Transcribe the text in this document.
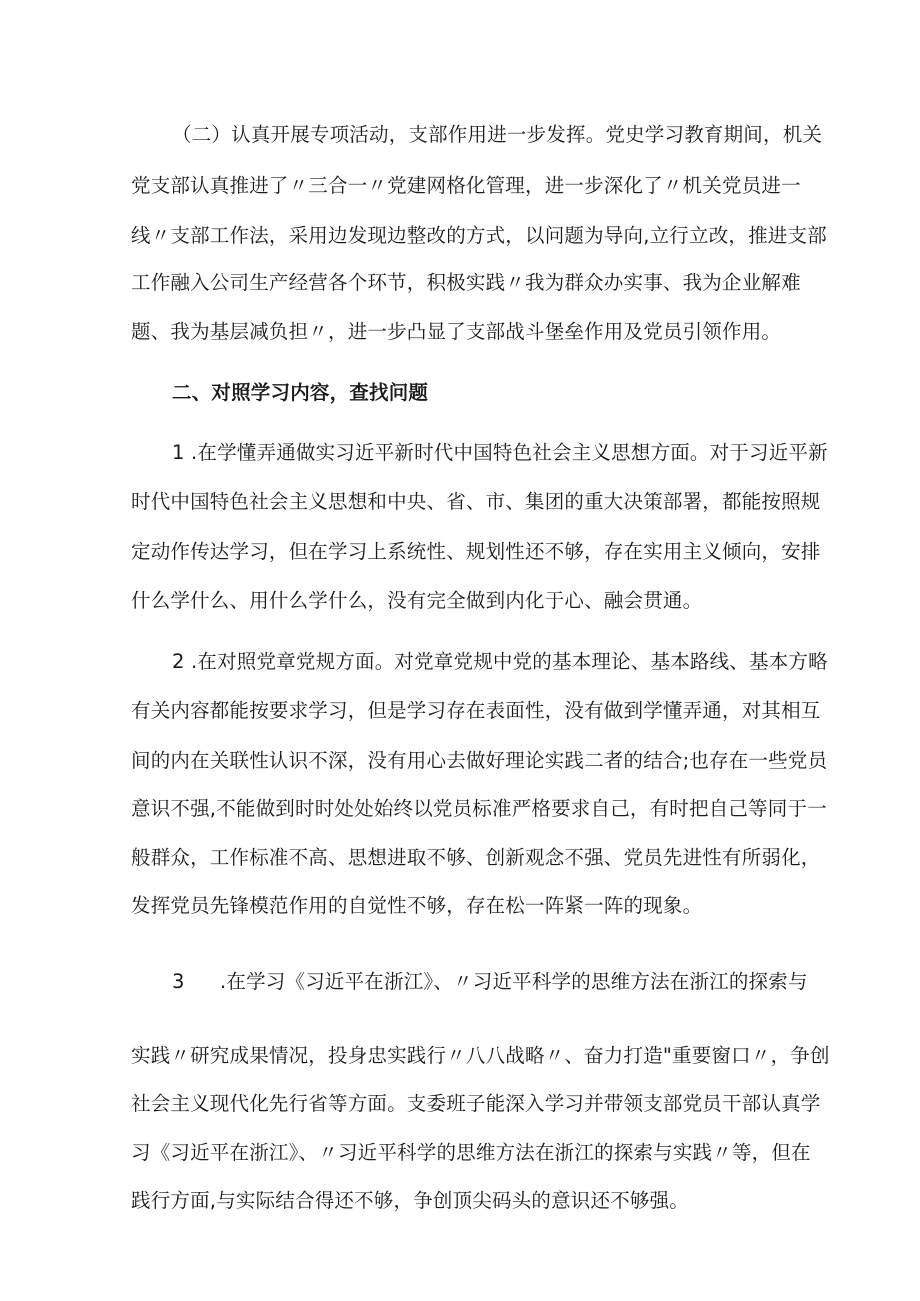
（二）认真开展专项活动，支部作用进一步发挥。党史学习教育期间，机关
党支部认真推进了〃三合一〃党建网格化管理，进一步深化了〃机关党员进一
线〃支部工作法，采用边发现边整改的方式，以问题为导向,立行立改，推进支部
工作融入公司生产经营各个环节，积极实践〃我为群众办实事、我为企业解难
题、我为基层减负担〃，进一步凸显了支部战斗堡垒作用及党员引领作用。
二、对照学习内容，查找问题
1 .在学懂弄通做实习近平新时代中国特色社会主义思想方面。对于习近平新
时代中国特色社会主义思想和中央、省、市、集团的重大决策部署，都能按照规
定动作传达学习，但在学习上系统性、规划性还不够，存在实用主义倾向，安排
什么学什么、用什么学什么，没有完全做到内化于心、融会贯通。
2 .在对照党章党规方面。对党章党规中党的基本理论、基本路线、基本方略
有关内容都能按要求学习，但是学习存在表面性，没有做到学懂弄通，对其相互
间的内在关联性认识不深，没有用心去做好理论实践二者的结合;也存在一些党员
意识不强,不能做到时时处处始终以党员标准严格要求自己，有时把自己等同于一
般群众，工作标准不高、思想进取不够、创新观念不强、党员先进性有所弱化，
发挥党员先锋模范作用的自觉性不够，存在松一阵紧一阵的现象。
3 .在学习《习近平在浙江》、〃习近平科学的思维方法在浙江的探索与
实践〃研究成果情况，投身忠实践行〃八八战略〃、奋力打造"重要窗口〃，争创
社会主义现代化先行省等方面。支委班子能深入学习并带领支部党员干部认真学
习《习近平在浙江》、〃习近平科学的思维方法在浙江的探索与实践〃等，但在
践行方面,与实际结合得还不够，争创顶尖码头的意识还不够强。
